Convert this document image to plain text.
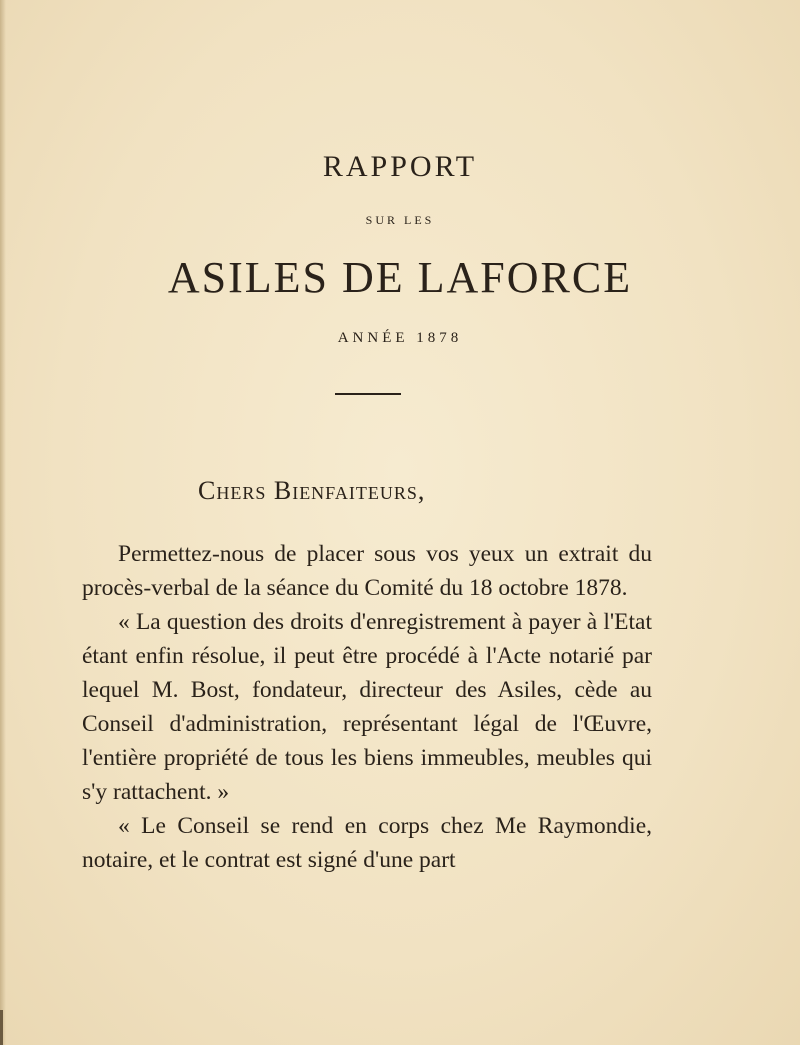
RAPPORT
SUR LES
ASILES DE LAFORCE
ANNÉE 1878
Chers Bienfaiteurs,

Permettez-nous de placer sous vos yeux un extrait du procès-verbal de la séance du Comité du 18 octobre 1878.

« La question des droits d'enregistrement à payer à l'Etat étant enfin résolue, il peut être procédé à l'Acte notarié par lequel M. Bost, fondateur, directeur des Asiles, cède au Conseil d'administration, représentant légal de l'Œuvre, l'entière propriété de tous les biens immeubles, meubles qui s'y rattachent. »

« Le Conseil se rend en corps chez Me Raymondie, notaire, et le contrat est signé d'une part
